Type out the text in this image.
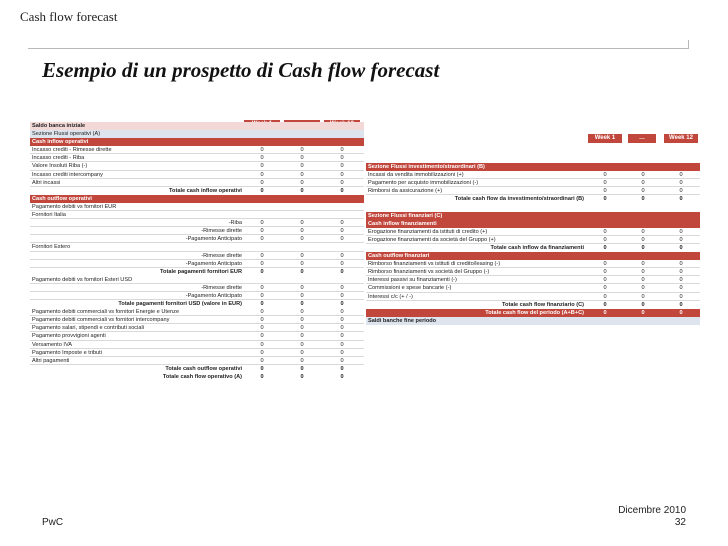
Cash flow forecast
Esempio di un prospetto di Cash flow forecast
Saldo banca iniziale
Sezione Flussi operativi (A)
Cash inflow operativi
Incasso crediti - Rimesse dirette	0	0	0
Incasso crediti - Riba	0	0	0
Valore Insoluti Riba (-)	0	0	0
Incasso crediti intercompany	0	0	0
Altri incassi	0	0	0
Totale cash inflow operativi	0	0	0
Cash outflow operativi
Pagamento debiti vs fornitori EUR
Fornitori Italia
-Riba	0	0	0
-Rimesse dirette	0	0	0
-Pagamento Anticipato	0	0	0
Fornitori Estero
-Rimesse dirette	0	0	0
-Pagamento Anticipato	0	0	0
Totale pagamenti fornitori EUR	0	0	0
Pagamento debiti vs fornitori Esteri USD
-Rimesse dirette	0	0	0
-Pagamento Anticipato	0	0	0
Totale pagamenti fornitori USD (valore in EUR)	0	0	0
Pagamento debiti commerciali vs fornitori Energie e Utenze	0	0	0
Pagamento debiti commerciali vs fornitori intercompany	0	0	0
Pagamento salari, stipendi e contributi sociali	0	0	0
Pagamento provvigioni agenti	0	0	0
Versamento IVA	0	0	0
Pagamento Imposte e tributi	0	0	0
Altri pagamenti	0	0	0
Totale cash outflow operativi	0	0	0
Totale cash flow operativo (A)	0	0	0
Week 1	…	Week 12
Sezione Flussi investimento/straordinari (B)
Incassi da vendita immobilizzazioni (+)	0	0	0
Pagamento per acquisto immobilizzazioni (-)	0	0	0
Rimborsi da assicurazione (+)	0	0	0
Totale cash flow da investimento/straordinari (B)	0	0	0
Sezione Flussi finanziari (C)
Cash inflow finanziamenti
Erogazione finanziamenti da istituti di credito (+)	0	0	0
Erogazione finanziamenti da società del Gruppo (+)	0	0	0
Totale cash inflow da finanziamenti	0	0	0
Cash outflow finanziari
Rimborso finanziamenti vs istituti di credito/leasing (-)	0	0	0
Rimborso finanziamenti vs società del Gruppo (-)	0	0	0
Interessi passivi su finanziamenti (-)	0	0	0
Commissioni e spese bancarie (-)	0	0	0
Interessi c/c (+ / -)	0	0	0
Totale cash flow finanziario (C)	0	0	0
Totale cash flow del periodo (A+B+C)	0	0	0
Saldi banche fine periodo
PwC
Dicembre 2010
32
